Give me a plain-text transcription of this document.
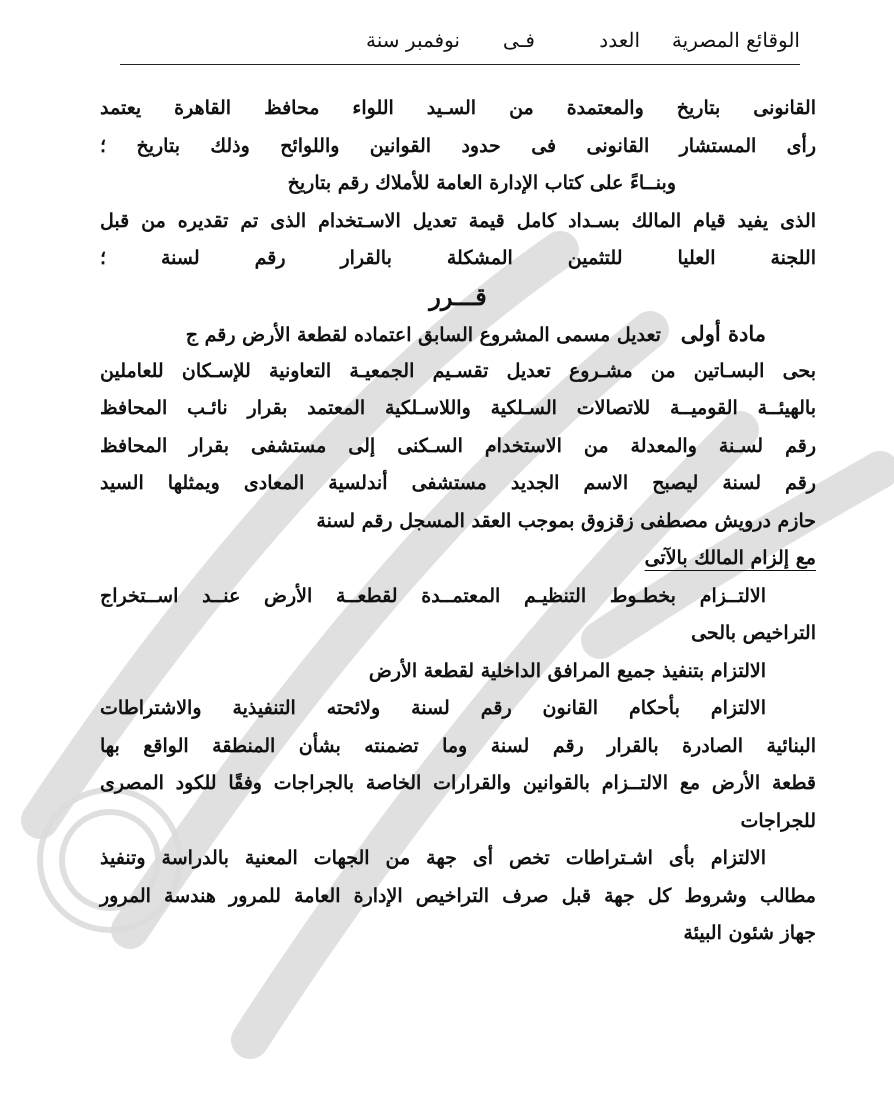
الوقائع المصرية
العدد
فـى
نوفمبر سنة
القانونى بتاريخ والمعتمدة من السـيد اللواء محافظ القاهرة يعتمد
رأى المستشار القانونى فى حدود القوانين واللوائح وذلك بتاريخ ؛
وبنــاءً على كتاب الإدارة العامة للأملاك رقم بتاريخ
الذى يفيد قيام المالك بسـداد كامل قيمة تعديل الاسـتخدام الذى تم تقديره من قبل
اللجنة العليا للتثمين المشكلة بالقرار رقم لسنة ؛
قـــرر
مادة أولى   تعديل مسمى المشروع السابق اعتماده لقطعة الأرض رقم ج
بحى البسـاتين من مشـروع تعديل تقسـيم الجمعيـة التعاونية للإسـكان للعاملين
بالهيئــة القوميــة للاتصالات السـلكية واللاسـلكية المعتمد بقرار نائـب المحافظ
رقم لسـنة والمعدلة من الاستخدام السـكنى إلى مستشفى بقرار المحافظ
رقم لسنة ليصبح الاسم الجديد مستشفى أندلسية المعادى ويمثلها السيد
حازم درويش مصطفى زقزوق بموجب العقد المسجل رقم لسنة
مع إلزام المالك بالآتى
الالتــزام بخطـوط التنظيـم المعتمــدة لقطعــة الأرض عنــد اســتخراج
التراخيص بالحى
الالتزام بتنفيذ جميع المرافق الداخلية لقطعة الأرض
الالتزام بأحكام القانون رقم لسنة ولائحته التنفيذية والاشتراطات
البنائية الصادرة بالقرار رقم لسنة وما تضمنته بشأن المنطقة الواقع بها
قطعة الأرض مع الالتــزام بالقوانين والقرارات الخاصة بالجراجات وفقًا للكود المصرى
للجراجات
الالتزام بأى اشـتراطات تخص أى جهة من الجهات المعنية بالدراسة وتنفيذ
مطالب وشروط كل جهة قبل صرف التراخيص الإدارة العامة للمرور هندسة المرور
جهاز شئون البيئة
